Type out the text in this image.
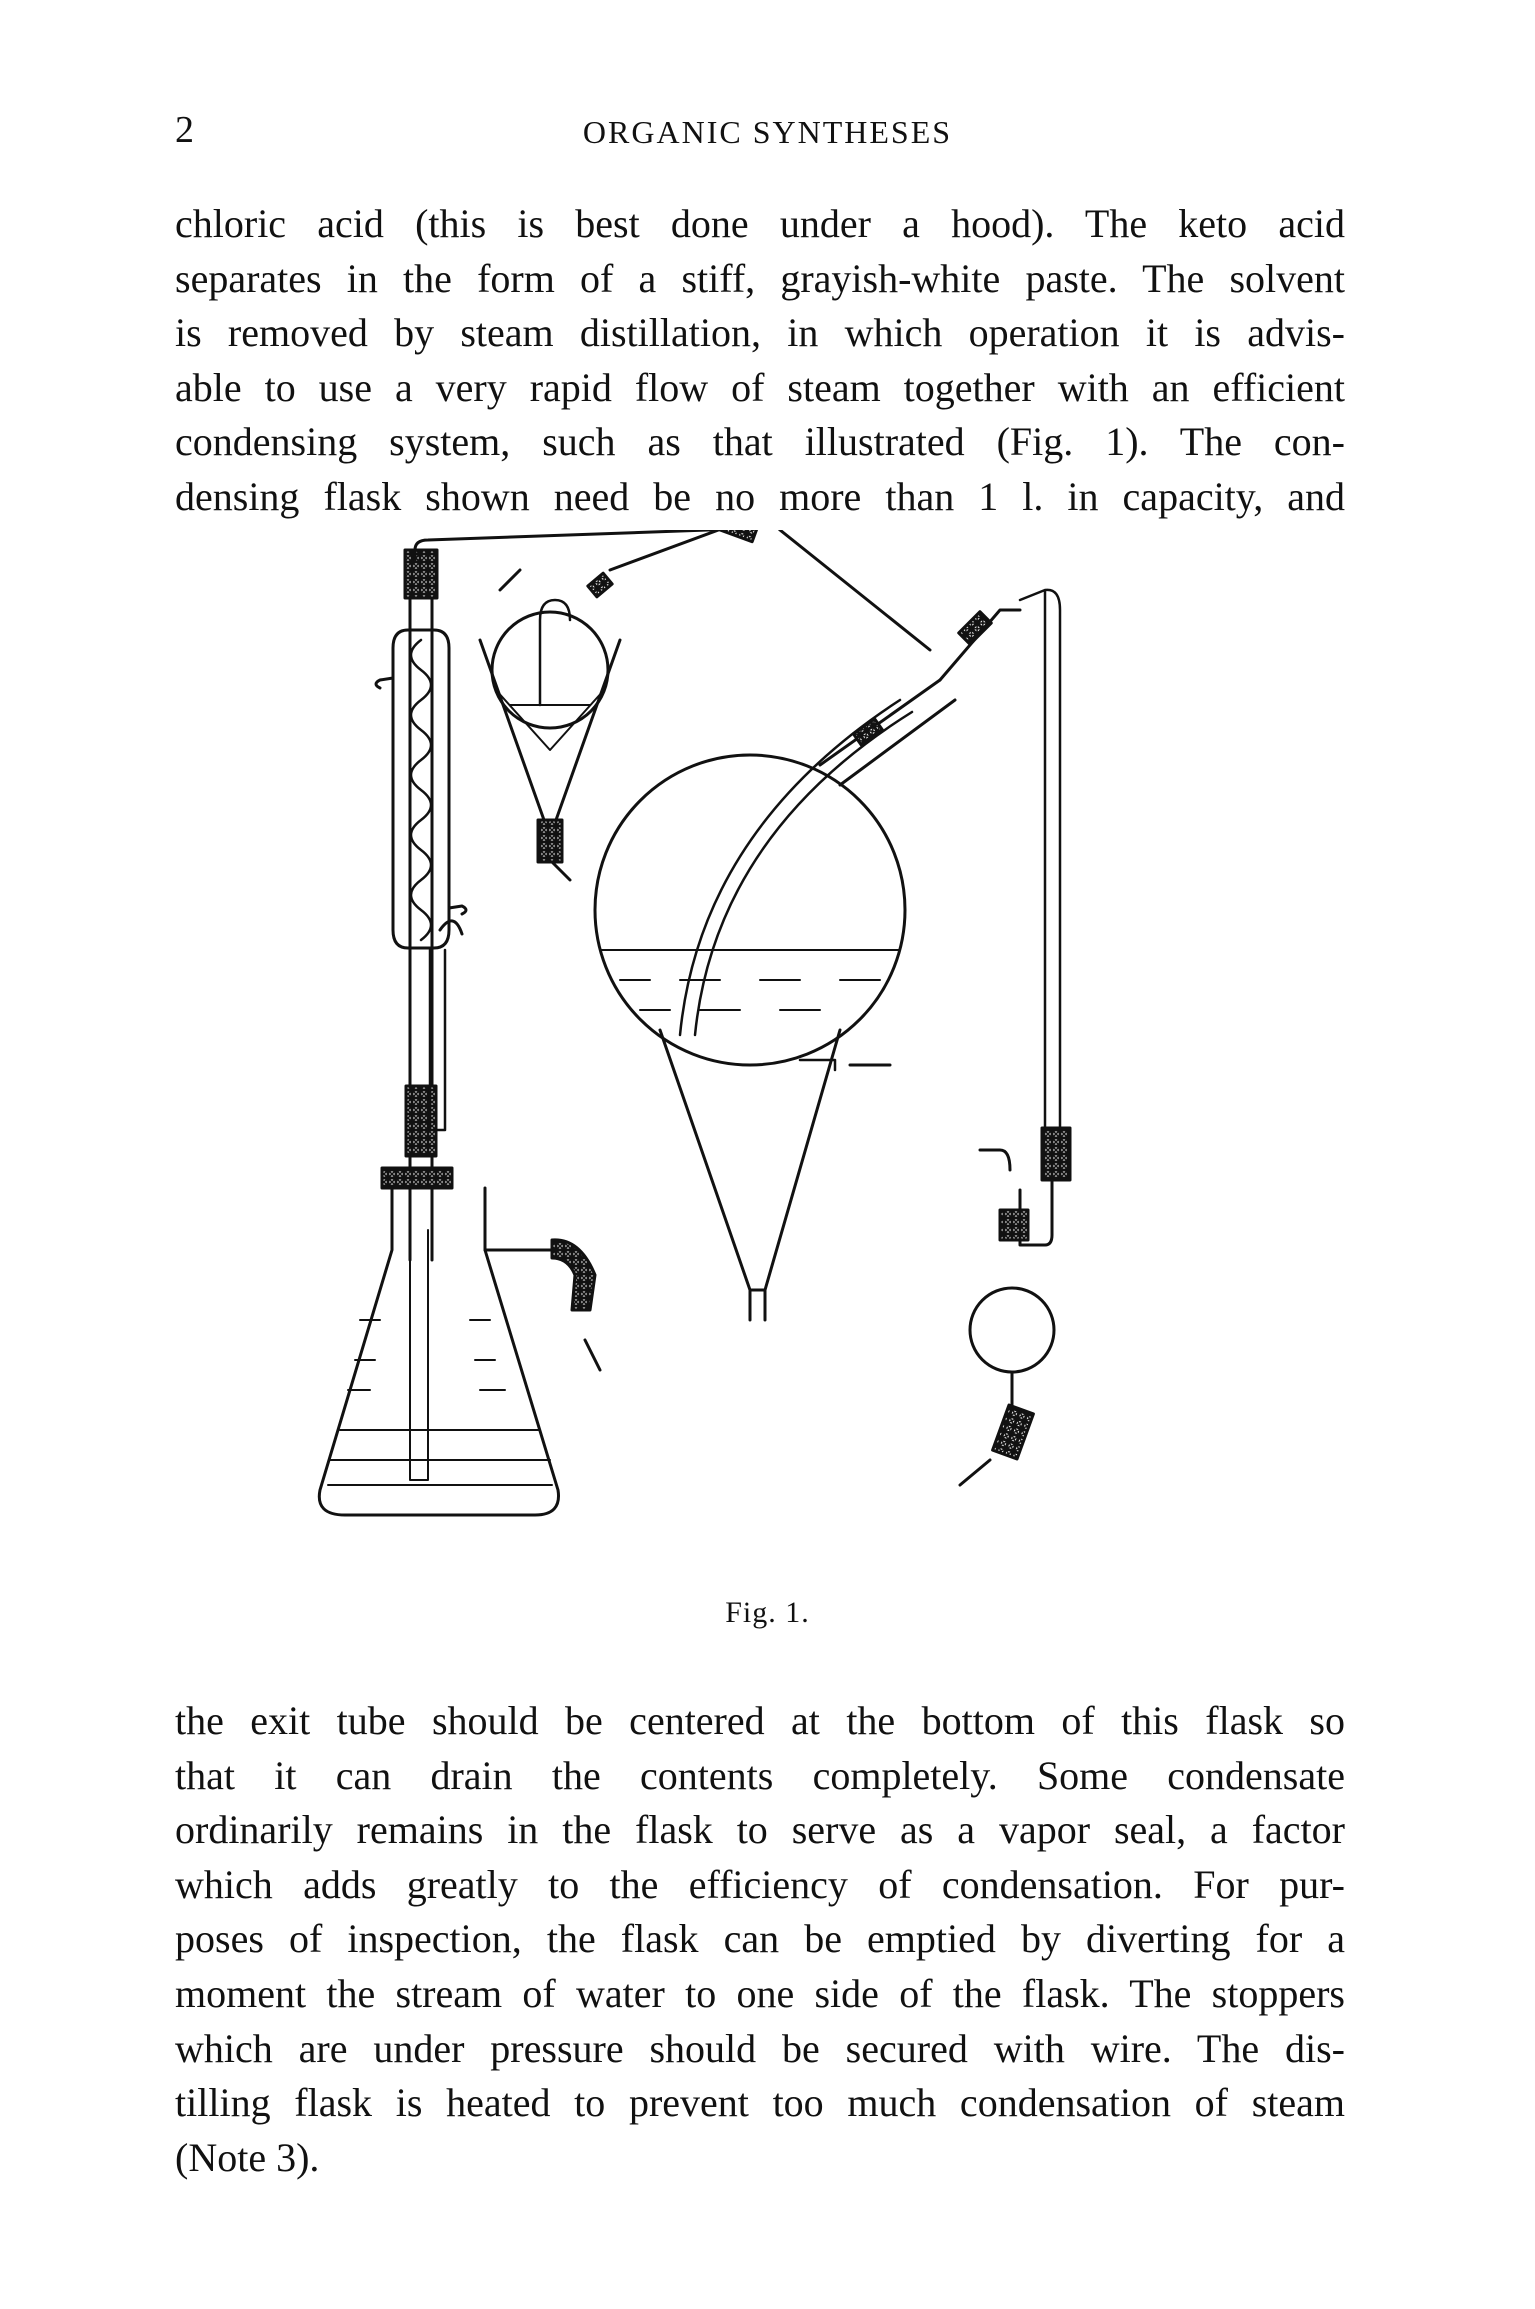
2	ORGANIC SYNTHESES

chloric acid (this is best done under a hood). The keto acid
separates in the form of a stiff, grayish-white paste. The solvent
is removed by steam distillation, in which operation it is advis-
able to use a very rapid flow of steam together with an efficient
condensing system, such as that illustrated (Fig. 1). The con-
densing flask shown need be no more than 1 l. in capacity, and

Fig. 1.

the exit tube should be centered at the bottom of this flask so
that it can drain the contents completely. Some condensate
ordinarily remains in the flask to serve as a vapor seal, a factor
which adds greatly to the efficiency of condensation. For pur-
poses of inspection, the flask can be emptied by diverting for a
moment the stream of water to one side of the flask. The stoppers
which are under pressure should be secured with wire. The dis-
tilling flask is heated to prevent too much condensation of steam
(Note 3).
